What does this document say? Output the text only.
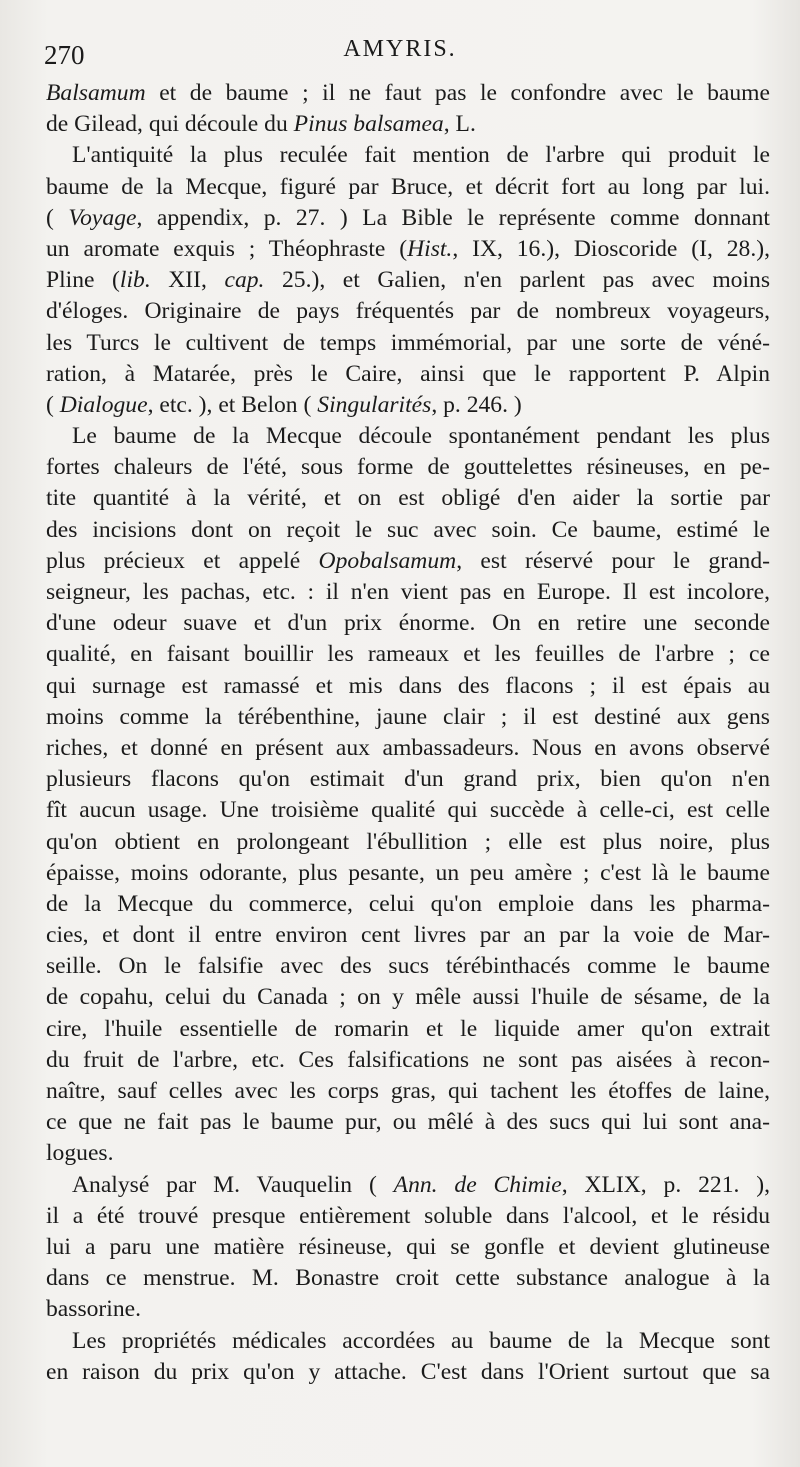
270	AMYRIS.
Balsamum et de baume ; il ne faut pas le confondre avec le baume
de Gilead, qui découle du Pinus balsamea, L.
L'antiquité la plus reculée fait mention de l'arbre qui produit le
baume de la Mecque, figuré par Bruce, et décrit fort au long par lui.
( Voyage, appendix, p. 27. ) La Bible le représente comme donnant
un aromate exquis ; Théophraste (Hist., IX, 16.), Dioscoride (I, 28.),
Pline (lib. XII, cap. 25.), et Galien, n'en parlent pas avec moins
d'éloges. Originaire de pays fréquentés par de nombreux voyageurs,
les Turcs le cultivent de temps immémorial, par une sorte de véné-
ration, à Matarée, près le Caire, ainsi que le rapportent P. Alpin
( Dialogue, etc. ), et Belon ( Singularités, p. 246. )
Le baume de la Mecque découle spontanément pendant les plus
fortes chaleurs de l'été, sous forme de gouttelettes résineuses, en pe-
tite quantité à la vérité, et on est obligé d'en aider la sortie par
des incisions dont on reçoit le suc avec soin. Ce baume, estimé le
plus précieux et appelé Opobalsamum, est réservé pour le grand-
seigneur, les pachas, etc. : il n'en vient pas en Europe. Il est incolore,
d'une odeur suave et d'un prix énorme. On en retire une seconde
qualité, en faisant bouillir les rameaux et les feuilles de l'arbre ; ce
qui surnage est ramassé et mis dans des flacons ; il est épais au
moins comme la térébenthine, jaune clair ; il est destiné aux gens
riches, et donné en présent aux ambassadeurs. Nous en avons observé
plusieurs flacons qu'on estimait d'un grand prix, bien qu'on n'en
fît aucun usage. Une troisième qualité qui succède à celle-ci, est celle
qu'on obtient en prolongeant l'ébullition ; elle est plus noire, plus
épaisse, moins odorante, plus pesante, un peu amère ; c'est là le baume
de la Mecque du commerce, celui qu'on emploie dans les pharma-
cies, et dont il entre environ cent livres par an par la voie de Mar-
seille. On le falsifie avec des sucs térébinthacés comme le baume
de copahu, celui du Canada ; on y mêle aussi l'huile de sésame, de la
cire, l'huile essentielle de romarin et le liquide amer qu'on extrait
du fruit de l'arbre, etc. Ces falsifications ne sont pas aisées à recon-
naître, sauf celles avec les corps gras, qui tachent les étoffes de laine,
ce que ne fait pas le baume pur, ou mêlé à des sucs qui lui sont ana-
logues.
Analysé par M. Vauquelin ( Ann. de Chimie, XLIX, p. 221. ),
il a été trouvé presque entièrement soluble dans l'alcool, et le résidu
lui a paru une matière résineuse, qui se gonfle et devient glutineuse
dans ce menstrue. M. Bonastre croit cette substance analogue à la
bassorine.
Les propriétés médicales accordées au baume de la Mecque sont
en raison du prix qu'on y attache. C'est dans l'Orient surtout que sa
